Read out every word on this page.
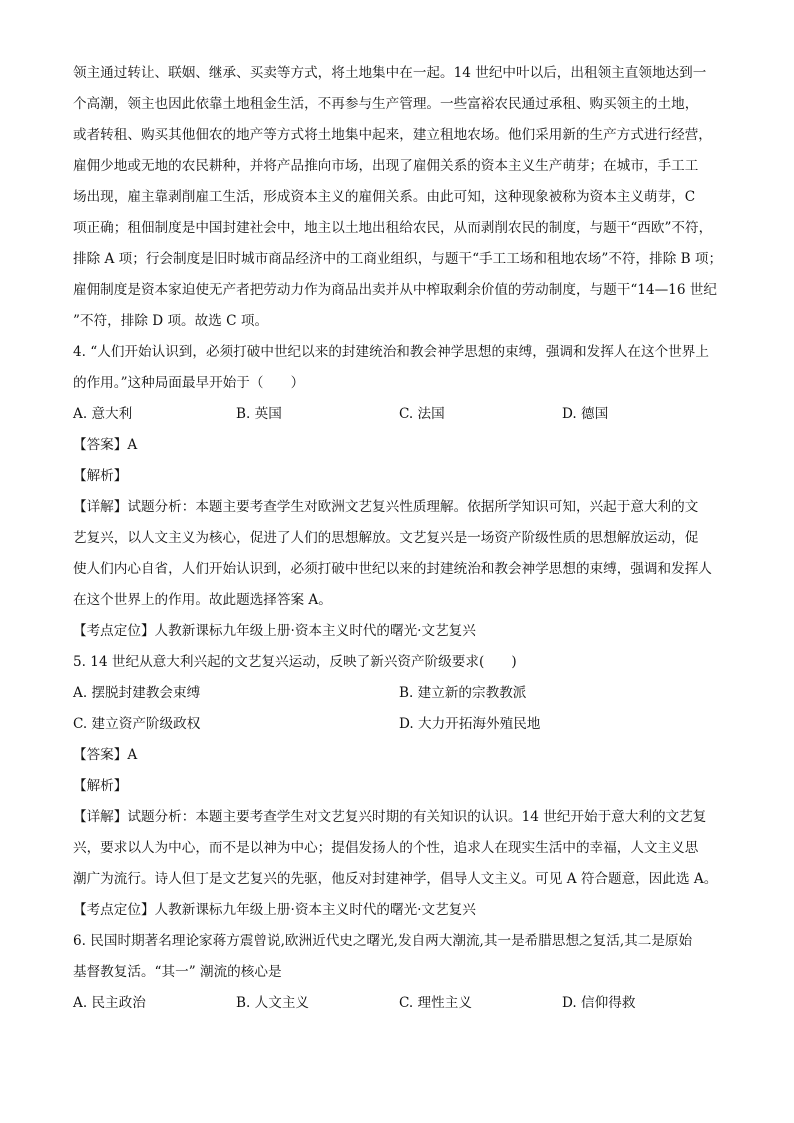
领主通过转让、联姻、继承、买卖等方式，将土地集中在一起。14 世纪中叶以后，出租领主直领地达到一

个高潮，领主也因此依靠土地租金生活，不再参与生产管理。一些富裕农民通过承租、购买领主的土地，

或者转租、购买其他佃农的地产等方式将土地集中起来，建立租地农场。他们采用新的生产方式进行经营，

雇佣少地或无地的农民耕种，并将产品推向市场，出现了雇佣关系的资本主义生产萌芽；在城市，手工工

场出现，雇主靠剥削雇工生活，形成资本主义的雇佣关系。由此可知，这种现象被称为资本主义萌芽，C

项正确；租佃制度是中国封建社会中，地主以土地出租给农民，从而剥削农民的制度，与题干“西欧”不符，

排除 A 项；行会制度是旧时城市商品经济中的工商业组织，与题干“手工工场和租地农场”不符，排除 B 项；

雇佣制度是资本家迫使无产者把劳动力作为商品出卖并从中榨取剩余价值的劳动制度，与题干“14—16 世纪

”不符，排除 D 项。故选 C 项。

4. “人们开始认识到，必须打破中世纪以来的封建统治和教会神学思想的束缚，强调和发挥人在这个世界上

的作用。”这种局面最早开始于（　　）

A. 意大利	B. 英国	C. 法国	D. 德国

【答案】A

【解析】

【详解】试题分析：本题主要考查学生对欧洲文艺复兴性质理解。依据所学知识可知，兴起于意大利的文

艺复兴，以人文主义为核心，促进了人们的思想解放。文艺复兴是一场资产阶级性质的思想解放运动，促

使人们内心自省，人们开始认识到，必须打破中世纪以来的封建统治和教会神学思想的束缚，强调和发挥人

在这个世界上的作用。故此题选择答案 A。

【考点定位】人教新课标九年级上册·资本主义时代的曙光·文艺复兴

5. 14 世纪从意大利兴起的文艺复兴运动，反映了新兴资产阶级要求(　　)

A. 摆脱封建教会束缚	B. 建立新的宗教教派
C. 建立资产阶级政权	D. 大力开拓海外殖民地

【答案】A

【解析】

【详解】试题分析：本题主要考查学生对文艺复兴时期的有关知识的认识。14 世纪开始于意大利的文艺复

兴，要求以人为中心，而不是以神为中心；提倡发扬人的个性，追求人在现实生活中的幸福，人文主义思

潮广为流行。诗人但丁是文艺复兴的先驱，他反对封建神学，倡导人文主义。可见 A 符合题意，因此选 A。

【考点定位】人教新课标九年级上册·资本主义时代的曙光·文艺复兴

6. 民国时期著名理论家蒋方震曾说,欧洲近代史之曙光,发自两大潮流,其一是希腊思想之复活,其二是原始

基督教复活。“其一” 潮流的核心是

A. 民主政治	B. 人文主义	C. 理性主义	D. 信仰得救
